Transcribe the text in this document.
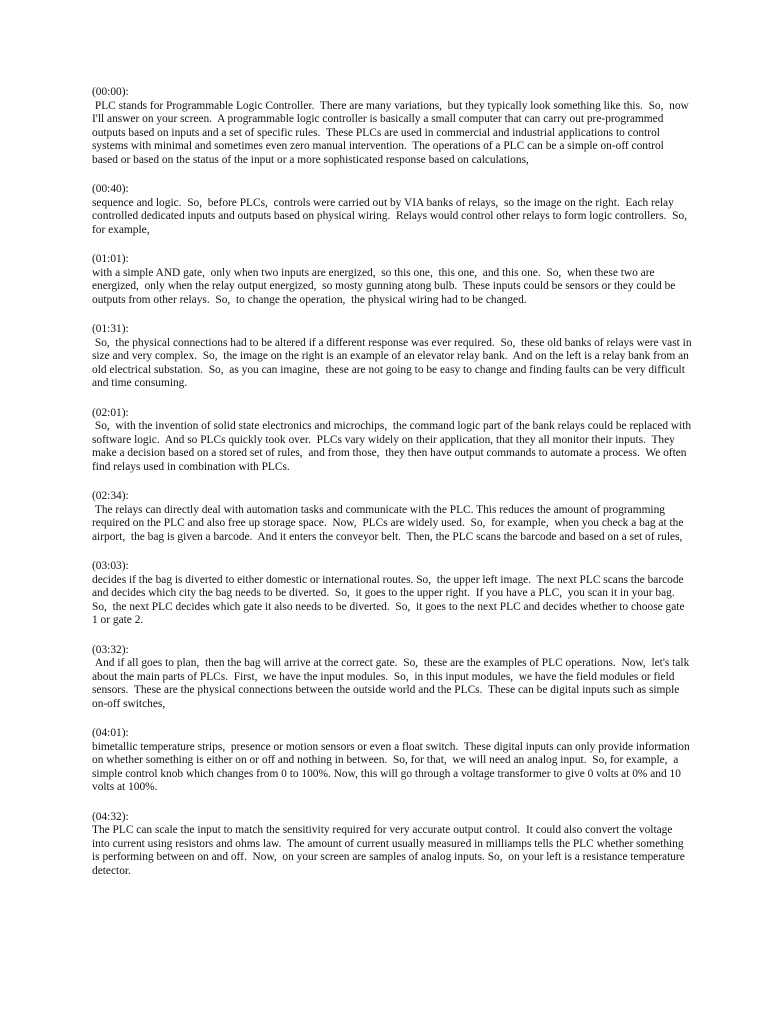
(00:00):
PLC stands for Programmable Logic Controller.  There are many variations,  but they typically look something like this.  So,  now I'll answer on your screen.  A programmable logic controller is basically a small computer that can carry out pre-programmed outputs based on inputs and a set of specific rules.  These PLCs are used in commercial and industrial applications to control systems with minimal and sometimes even zero manual intervention.  The operations of a PLC can be a simple on-off control based or based on the status of the input or a more sophisticated response based on calculations,
(00:40):
sequence and logic.  So,  before PLCs,  controls were carried out by VIA banks of relays,  so the image on the right.  Each relay controlled dedicated inputs and outputs based on physical wiring.  Relays would control other relays to form logic controllers.  So,  for example,
(01:01):
with a simple AND gate,  only when two inputs are energized,  so this one,  this one,  and this one.  So,  when these two are energized,  only when the relay output energized,  so mosty gunning atong bulb.  These inputs could be sensors or they could be outputs from other relays.  So,  to change the operation,  the physical wiring had to be changed.
(01:31):
So,  the physical connections had to be altered if a different response was ever required.  So,  these old banks of relays were vast in size and very complex.  So,  the image on the right is an example of an elevator relay bank.  And on the left is a relay bank from an old electrical substation.  So,  as you can imagine,  these are not going to be easy to change and finding faults can be very difficult and time consuming.
(02:01):
So,  with the invention of solid state electronics and microchips,  the command logic part of the bank relays could be replaced with software logic.  And so PLCs quickly took over.  PLCs vary widely on their application, that they all monitor their inputs.  They make a decision based on a stored set of rules,  and from those,  they then have output commands to automate a process.  We often find relays used in combination with PLCs.
(02:34):
The relays can directly deal with automation tasks and communicate with the PLC. This reduces the amount of programming required on the PLC and also free up storage space.  Now,  PLCs are widely used.  So,  for example,  when you check a bag at the airport,  the bag is given a barcode.  And it enters the conveyor belt.  Then, the PLC scans the barcode and based on a set of rules,
(03:03):
decides if the bag is diverted to either domestic or international routes. So,  the upper left image.  The next PLC scans the barcode and decides which city the bag needs to be diverted.  So,  it goes to the upper right.  If you have a PLC,  you scan it in your bag.  So,  the next PLC decides which gate it also needs to be diverted.  So,  it goes to the next PLC and decides whether to choose gate 1 or gate 2.
(03:32):
And if all goes to plan,  then the bag will arrive at the correct gate.  So,  these are the examples of PLC operations.  Now,  let's talk about the main parts of PLCs.  First,  we have the input modules.  So,  in this input modules,  we have the field modules or field sensors.  These are the physical connections between the outside world and the PLCs.  These can be digital inputs such as simple on-off switches,
(04:01):
bimetallic temperature strips,  presence or motion sensors or even a float switch.  These digital inputs can only provide information on whether something is either on or off and nothing in between.  So, for that,  we will need an analog input.  So, for example,  a simple control knob which changes from 0 to 100%. Now, this will go through a voltage transformer to give 0 volts at 0% and 10 volts at 100%.
(04:32):
The PLC can scale the input to match the sensitivity required for very accurate output control.  It could also convert the voltage into current using resistors and ohms law.  The amount of current usually measured in milliamps tells the PLC whether something is performing between on and off.  Now,  on your screen are samples of analog inputs. So,  on your left is a resistance temperature detector.
